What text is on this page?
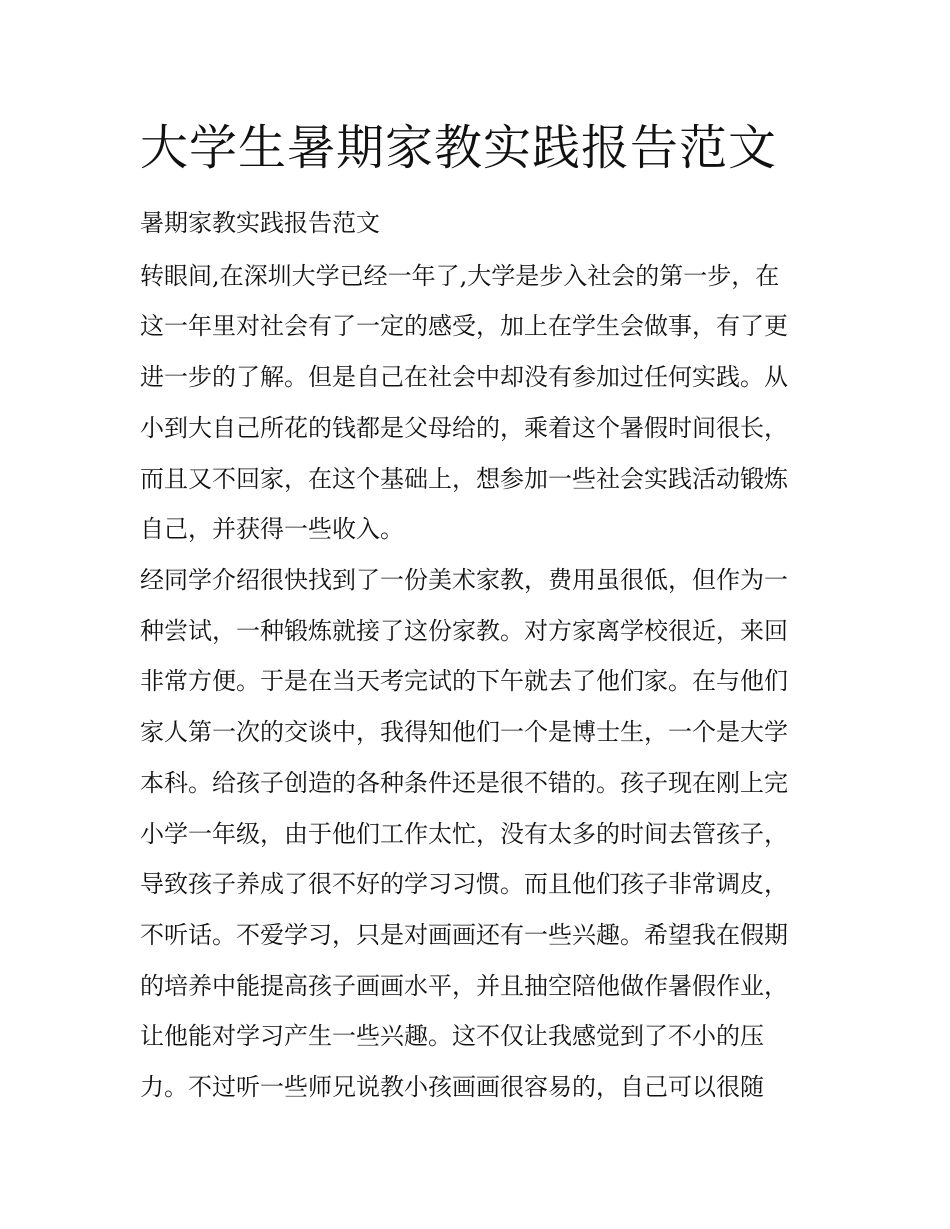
大学生暑期家教实践报告范文

暑期家教实践报告范文

转眼间,在深圳大学已经一年了,大学是步入社会的第一步，在

这一年里对社会有了一定的感受，加上在学生会做事，有了更

进一步的了解。但是自己在社会中却没有参加过任何实践。从

小到大自己所花的钱都是父母给的，乘着这个暑假时间很长，

而且又不回家，在这个基础上，想参加一些社会实践活动锻炼

自己，并获得一些收入。

经同学介绍很快找到了一份美术家教，费用虽很低，但作为一

种尝试，一种锻炼就接了这份家教。对方家离学校很近，来回

非常方便。于是在当天考完试的下午就去了他们家。在与他们

家人第一次的交谈中，我得知他们一个是博士生，一个是大学

本科。给孩子创造的各种条件还是很不错的。孩子现在刚上完

小学一年级，由于他们工作太忙，没有太多的时间去管孩子，

导致孩子养成了很不好的学习习惯。而且他们孩子非常调皮，

不听话。不爱学习，只是对画画还有一些兴趣。希望我在假期

的培养中能提高孩子画画水平，并且抽空陪他做作暑假作业，

让他能对学习产生一些兴趣。这不仅让我感觉到了不小的压

力。不过听一些师兄说教小孩画画很容易的，自己可以很随
